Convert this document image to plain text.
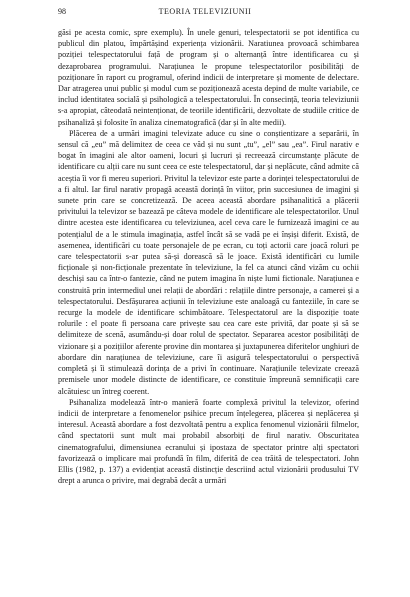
98	TEORIA TELEVIZIUNII

găsi pe acesta comic, spre exemplu). În unele genuri, telespectatorii se pot identifica cu publicul din platou, împărtășind experiența vizionării. Naratiunea provoacă schimbarea poziției telespectatorului față de program și o alternanță între identificarea cu și dezaprobarea programului. Narațiunea le propune telespectatorilor posibilități de poziționare în raport cu programul, oferind indicii de interpretare și momente de delectare. Dar atragerea unui public și modul cum se poziționează acesta depind de multe variabile, ce includ identitatea socială și psihologică a telespectatorului. În consecință, teoria televiziunii s-a apropiat, câteodată neintenționat, de teoriile identificării, dezvoltate de studiile critice de psihanaliză și folosite în analiza cinematografică (dar și în alte medii).

Plăcerea de a urmări imagini televizate aduce cu sine o conștientizare a separării, în sensul că „eu” mă delimitez de ceea ce văd și nu sunt „tu”, „el” sau „ea”. Firul narativ e bogat în imagini ale altor oameni, locuri și lucruri și recreează circumstanțe plăcute de identificare cu alții care nu sunt ceea ce este telespectatorul, dar și neplăcute, când admite că aceștia îi vor fi mereu superiori. Privitul la televizor este parte a dorinței telespectatorului de a fi altul. Iar firul narativ propagă această dorință în viitor, prin succesiunea de imagini și sunete prin care se concretizează. De aceea această abordare psihanalitică a plăcerii privitului la televizor se bazează pe câteva modele de identificare ale telespectatorilor. Unul dintre acestea este identificarea cu televiziunea, acel ceva care le furnizează imagini ce au potențialul de a le stimula imaginația, astfel încât să se vadă pe ei înșiși diferit. Există, de asemenea, identificări cu toate personajele de pe ecran, cu toți actorii care joacă roluri pe care telespectatorii s-ar putea să-și dorească să le joace. Există identificări cu lumile ficționale și non-ficționale prezentate în televiziune, la fel ca atunci când vizăm cu ochii deschiși sau ca într-o fantezie, când ne putem imagina în niște lumi fictionale. Narațiunea e construită prin intermediul unei relații de abordări : relațiile dintre personaje, a camerei și a telespectatorului. Desfășurarea acțiunii în televiziune este analoagă cu fanteziile, în care se recurge la modele de identificare schimbătoare. Telespectatorul are la dispoziție toate rolurile : el poate fi persoana care privește sau cea care este privită, dar poate și să se delimiteze de scenă, asumându-și doar rolul de spectator. Separarea acestor posibilități de vizionare și a pozițiilor aferente provine din montarea și juxtapunerea diferitelor unghiuri de abordare din narațiunea de televiziune, care îi asigură telespectatorului o perspectivă completă și îi stimulează dorința de a privi în continuare. Narațiunile televizate creează premisele unor modele distincte de identificare, ce constituie împreună semnificații care alcătuiesc un întreg coerent.

Psihanaliza modelează într-o manieră foarte complexă privitul la televizor, oferind indicii de interpretare a fenomenelor psihice precum înțelegerea, plăcerea și neplăcerea și interesul. Această abordare a fost dezvoltată pentru a explica fenomenul vizionării filmelor, când spectatorii sunt mult mai probabil absorbiți de firul narativ. Obscuritatea cinematografului, dimensiunea ecranului și ipostaza de spectator printre alți spectatori favorizează o implicare mai profundă în film, diferită de cea trăită de telespectatori. John Ellis (1982, p. 137) a evidențiat această distincție descriind actul vizionării produsului TV drept a arunca o privire, mai degrabă decât a urmări
